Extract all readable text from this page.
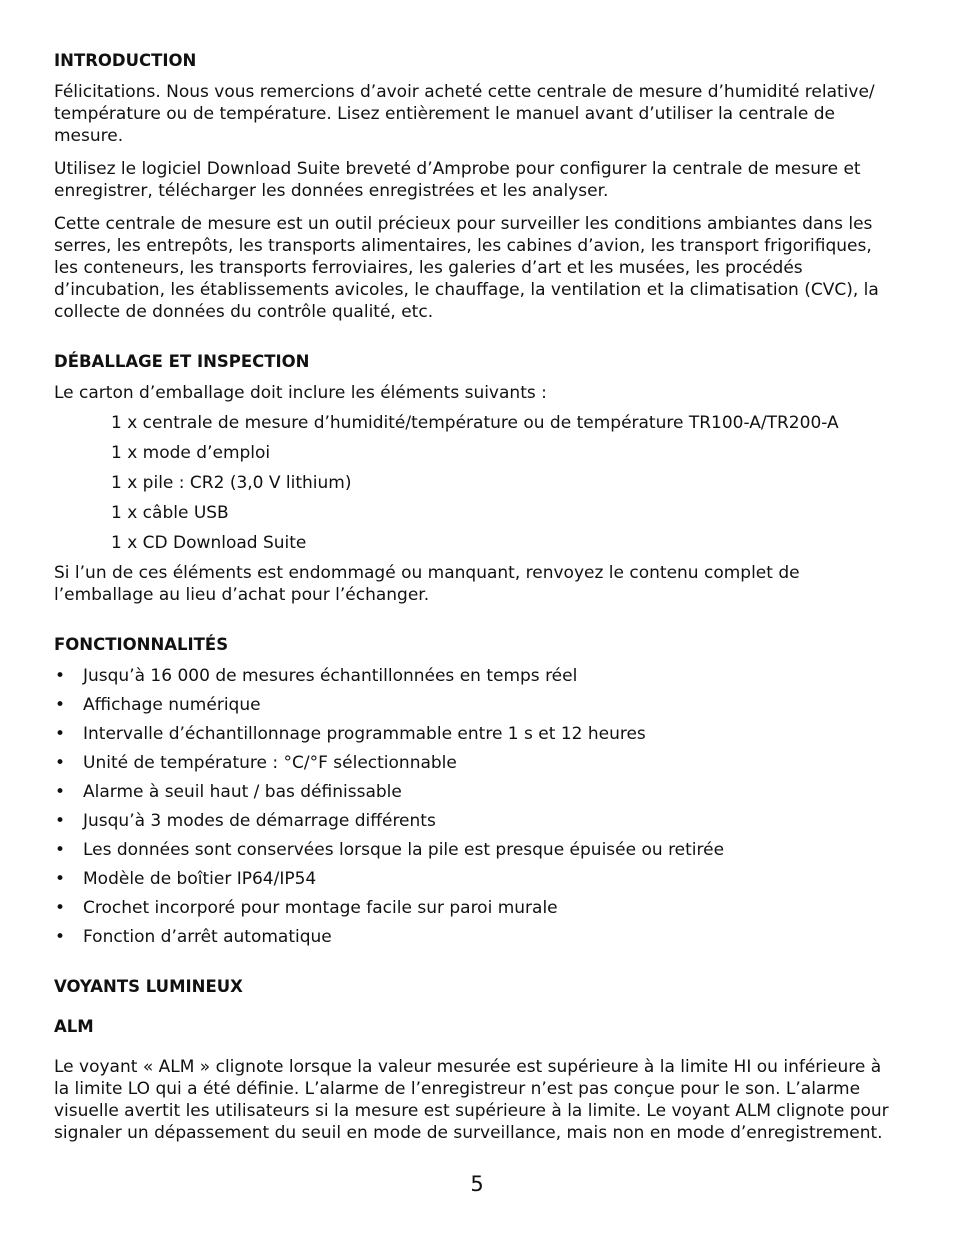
INTRODUCTION

Félicitations. Nous vous remercions d’avoir acheté cette centrale de mesure d’humidité relative/ température ou de température. Lisez entièrement le manuel avant d’utiliser la centrale de mesure.

Utilisez le logiciel Download Suite breveté d’Amprobe pour configurer la centrale de mesure et enregistrer, télécharger les données enregistrées et les analyser.

Cette centrale de mesure est un outil précieux pour surveiller les conditions ambiantes dans les serres, les entrepôts, les transports alimentaires, les cabines d’avion, les transport frigorifiques, les conteneurs, les transports ferroviaires, les galeries d’art et les musées, les procédés d’incubation, les établissements avicoles, le chauffage, la ventilation et la climatisation (CVC), la collecte de données du contrôle qualité, etc.

DÉBALLAGE ET INSPECTION

Le carton d’emballage doit inclure les éléments suivants :

1 x centrale de mesure d’humidité/température ou de température TR100-A/TR200-A

1 x mode d’emploi

1 x pile : CR2 (3,0 V lithium)

1 x câble USB

1 x CD Download Suite

Si l’un de ces éléments est endommagé ou manquant, renvoyez le contenu complet de l’emballage au lieu d’achat pour l’échanger.

FONCTIONNALITÉS
• Jusqu’à 16 000 de mesures échantillonnées en temps réel
• Affichage numérique
• Intervalle d’échantillonnage programmable entre 1 s et 12 heures
• Unité de température : °C/°F sélectionnable
• Alarme à seuil haut / bas définissable
• Jusqu’à 3 modes de démarrage différents
• Les données sont conservées lorsque la pile est presque épuisée ou retirée
• Modèle de boîtier IP64/IP54
• Crochet incorporé pour montage facile sur paroi murale
• Fonction d’arrêt automatique
VOYANTS LUMINEUX
ALM

Le voyant « ALM » clignote lorsque la valeur mesurée est supérieure à la limite HI ou inférieure à la limite LO qui a été définie. L’alarme de l’enregistreur n’est pas conçue pour le son. L’alarme visuelle avertit les utilisateurs si la mesure est supérieure à la limite. Le voyant ALM clignote pour signaler un dépassement du seuil en mode de surveillance, mais non en mode d’enregistrement.

5
